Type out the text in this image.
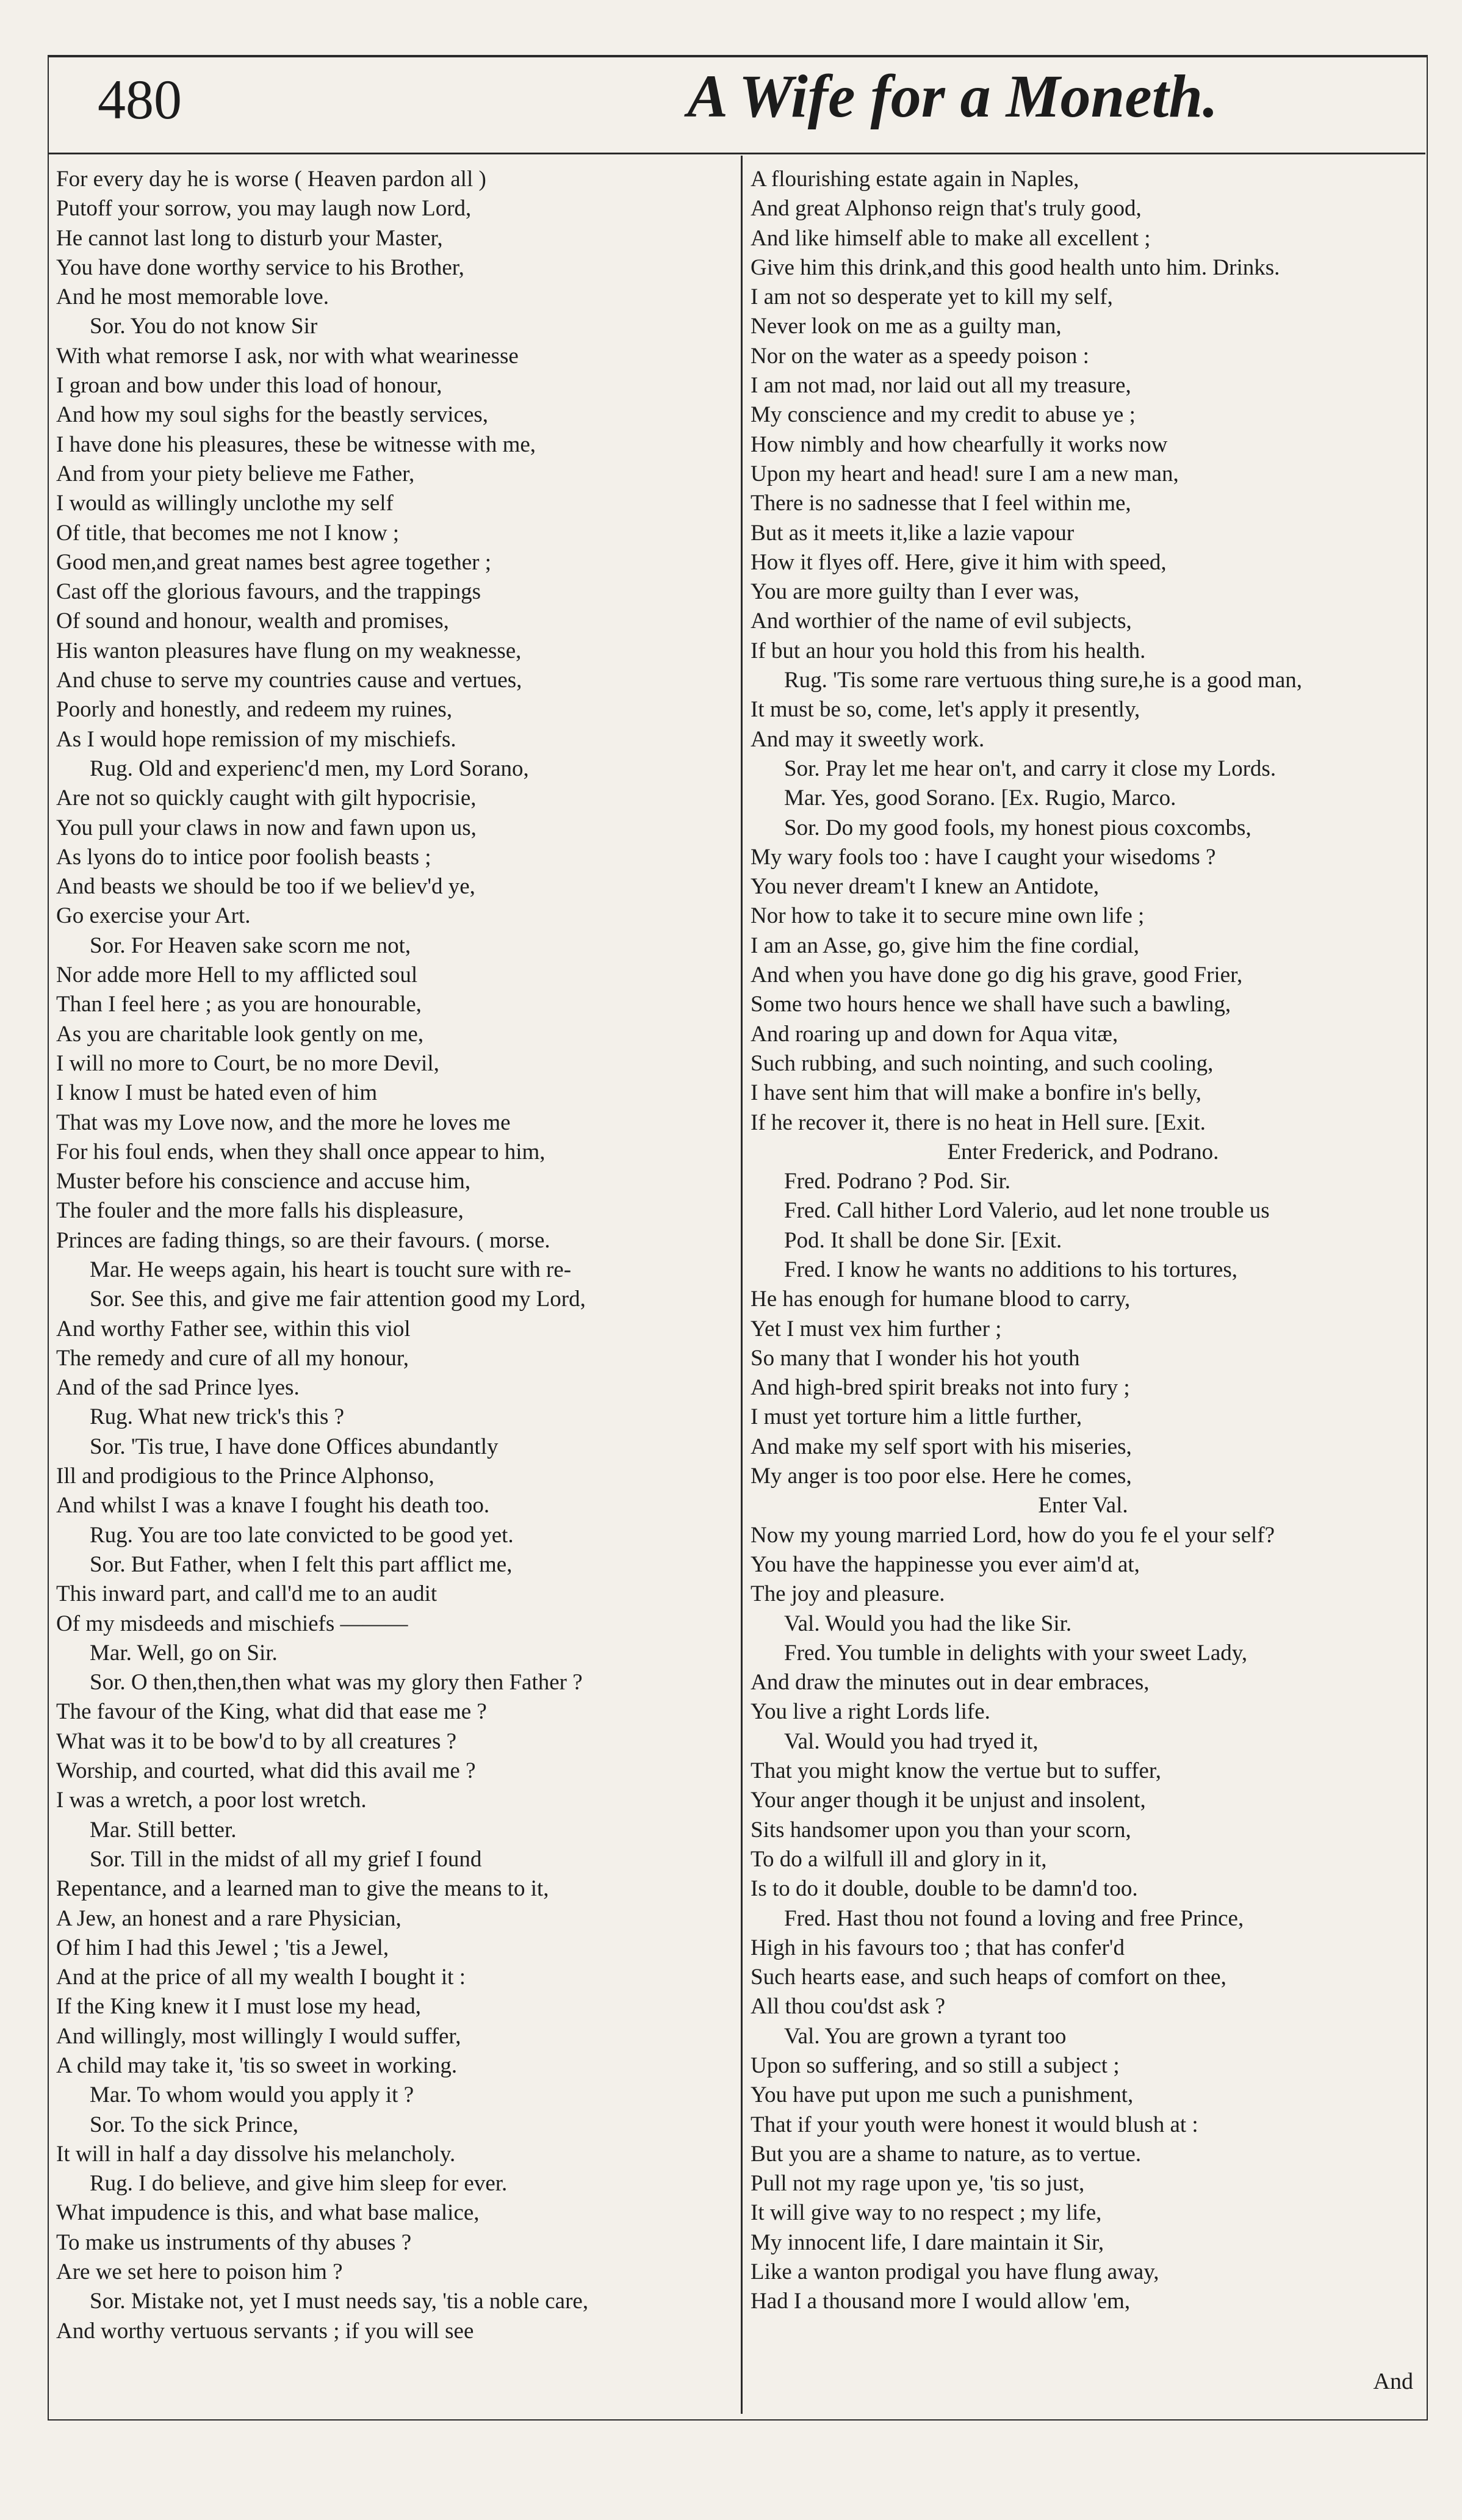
480	A Wife for a Moneth.
For every day he is worse ( Heaven pardon all )
Putoff your sorrow, you may laugh now Lord,
He cannot last long to disturb your Master,
You have done worthy service to his Brother,
And he most memorable love.
Sor. You do not know Sir
With what remorse I ask, nor with what wearinesse
I groan and bow under this load of honour,
And how my soul sighs for the beastly services,
I have done his pleasures, these be witnesse with me,
And from your piety believe me Father,
I would as willingly unclothe my self
Of title, that becomes me not I know ;
Good men,and great names best agree together ;
Cast off the glorious favours, and the trappings
Of sound and honour, wealth and promises,
His wanton pleasures have flung on my weaknesse,
And chuse to serve my countries cause and vertues,
Poorly and honestly, and redeem my ruines,
As I would hope remission of my mischiefs.
Rug. Old and experienc'd men, my Lord Sorano,
Are not so quickly caught with gilt hypocrisie,
You pull your claws in now and fawn upon us,
As lyons do to intice poor foolish beasts ;
And beasts we should be too if we believ'd ye,
Go exercise your Art.
Sor. For Heaven sake scorn me not,
Nor adde more Hell to my afflicted soul
Than I feel here ; as you are honourable,
As you are charitable look gently on me,
I will no more to Court, be no more Devil,
I know I must be hated even of him
That was my Love now, and the more he loves me
For his foul ends, when they shall once appear to him,
Muster before his conscience and accuse him,
The fouler and the more falls his displeasure,
Princes are fading things, so are their favours. ( morse.
Mar. He weeps again, his heart is toucht sure with re-
Sor. See this, and give me fair attention good my Lord,
And worthy Father see, within this viol
The remedy and cure of all my honour,
And of the sad Prince lyes.
Rug. What new trick's this ?
Sor. 'Tis true, I have done Offices abundantly
Ill and prodigious to the Prince Alphonso,
And whilst I was a knave I fought his death too.
Rug. You are too late convicted to be good yet.
Sor. But Father, when I felt this part afflict me,
This inward part, and call'd me to an audit
Of my misdeeds and mischiefs ———
Mar. Well, go on Sir.
Sor. O then,then,then what was my glory then Father ?
The favour of the King, what did that ease me ?
What was it to be bow'd to by all creatures ?
Worship, and courted, what did this avail me ?
I was a wretch, a poor lost wretch.
Mar. Still better.
Sor. Till in the midst of all my grief I found
Repentance, and a learned man to give the means to it,
A Jew, an honest and a rare Physician,
Of him I had this Jewel ; 'tis a Jewel,
And at the price of all my wealth I bought it :
If the King knew it I must lose my head,
And willingly, most willingly I would suffer,
A child may take it, 'tis so sweet in working.
Mar. To whom would you apply it ?
Sor. To the sick Prince,
It will in half a day dissolve his melancholy.
Rug. I do believe, and give him sleep for ever.
What impudence is this, and what base malice,
To make us instruments of thy abuses ?
Are we set here to poison him ?
Sor. Mistake not, yet I must needs say, 'tis a noble care,
And worthy vertuous servants ; if you will see
A flourishing estate again in Naples,
And great Alphonso reign that's truly good,
And like himself able to make all excellent ;
Give him this drink,and this good health unto him. Drinks.
I am not so desperate yet to kill my self,
Never look on me as a guilty man,
Nor on the water as a speedy poison :
I am not mad, nor laid out all my treasure,
My conscience and my credit to abuse ye ;
How nimbly and how chearfully it works now
Upon my heart and head! sure I am a new man,
There is no sadnesse that I feel within me,
But as it meets it,like a lazie vapour
How it flyes off. Here, give it him with speed,
You are more guilty than I ever was,
And worthier of the name of evil subjects,
If but an hour you hold this from his health.
Rug. 'Tis some rare vertuous thing sure,he is a good man,
It must be so, come, let's apply it presently,
And may it sweetly work.
Sor. Pray let me hear on't, and carry it close my Lords.
Mar. Yes, good Sorano. [Ex. Rugio, Marco.
Sor. Do my good fools, my honest pious coxcombs,
My wary fools too : have I caught your wisedoms ?
You never dream't I knew an Antidote,
Nor how to take it to secure mine own life ;
I am an Asse, go, give him the fine cordial,
And when you have done go dig his grave, good Frier,
Some two hours hence we shall have such a bawling,
And roaring up and down for Aqua vitæ,
Such rubbing, and such nointing, and such cooling,
I have sent him that will make a bonfire in's belly,
If he recover it, there is no heat in Hell sure. [Exit.
Enter Frederick, and Podrano.
Fred. Podrano ? Pod. Sir.
Fred. Call hither Lord Valerio, aud let none trouble us
Pod. It shall be done Sir. [Exit.
Fred. I know he wants no additions to his tortures,
He has enough for humane blood to carry,
Yet I must vex him further ;
So many that I wonder his hot youth
And high-bred spirit breaks not into fury ;
I must yet torture him a little further,
And make my self sport with his miseries,
My anger is too poor else. Here he comes,
Enter Val.
Now my young married Lord, how do you fe el your self?
You have the happinesse you ever aim'd at,
The joy and pleasure.
Val. Would you had the like Sir.
Fred. You tumble in delights with your sweet Lady,
And draw the minutes out in dear embraces,
You live a right Lords life.
Val. Would you had tryed it,
That you might know the vertue but to suffer,
Your anger though it be unjust and insolent,
Sits handsomer upon you than your scorn,
To do a wilfull ill and glory in it,
Is to do it double, double to be damn'd too.
Fred. Hast thou not found a loving and free Prince,
High in his favours too ; that has confer'd
Such hearts ease, and such heaps of comfort on thee,
All thou cou'dst ask ?
Val. You are grown a tyrant too
Upon so suffering, and so still a subject ;
You have put upon me such a punishment,
That if your youth were honest it would blush at :
But you are a shame to nature, as to vertue.
Pull not my rage upon ye, 'tis so just,
It will give way to no respect ; my life,
My innocent life, I dare maintain it Sir,
Like a wanton prodigal you have flung away,
Had I a thousand more I would allow 'em,
And
